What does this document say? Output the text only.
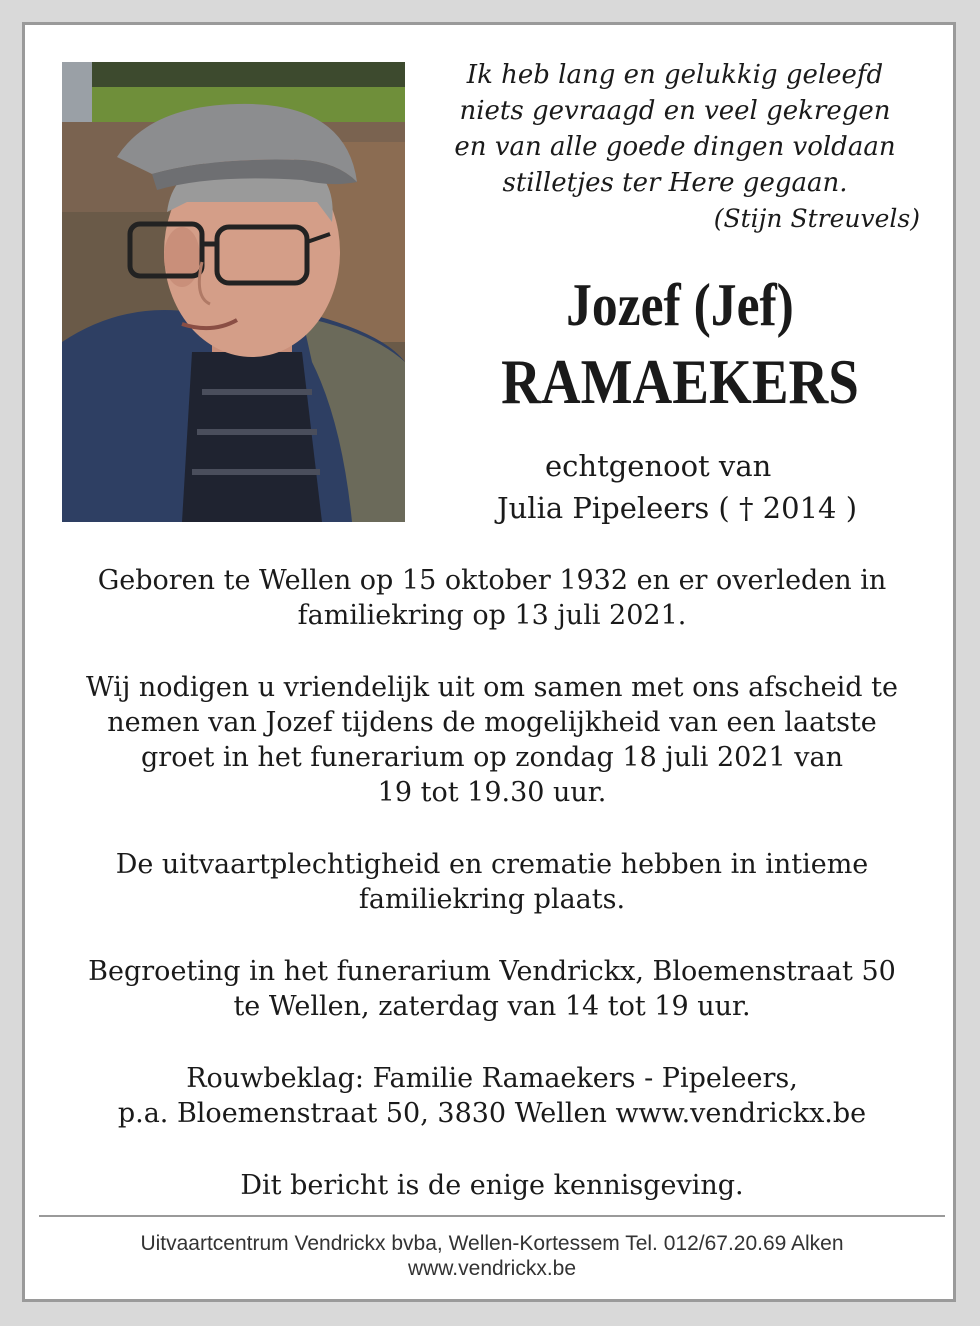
Ik heb lang en gelukkig geleefd
niets gevraagd en veel gekregen
en van alle goede dingen voldaan
stilletjes ter Here gegaan.
(Stijn Streuvels)
Jozef (Jef)
RAMAEKERS
echtgenoot van
Julia Pipeleers ( † 2014 )

Geboren te Wellen op 15 oktober 1932 en er overleden in
familiekring op 13 juli 2021.

Wij nodigen u vriendelijk uit om samen met ons afscheid te
nemen van Jozef tijdens de mogelijkheid van een laatste
groet in het funerarium op zondag 18 juli 2021 van
19 tot 19.30 uur.

De uitvaartplechtigheid en crematie hebben in intieme
familiekring plaats.

Begroeting in het funerarium Vendrickx, Bloemenstraat 50
te Wellen, zaterdag van 14 tot 19 uur.

Rouwbeklag: Familie Ramaekers - Pipeleers,
p.a. Bloemenstraat 50, 3830 Wellen www.vendrickx.be

Dit bericht is de enige kennisgeving.

Uitvaartcentrum Vendrickx bvba, Wellen-Kortessem Tel. 012/67.20.69 Alken
www.vendrickx.be
